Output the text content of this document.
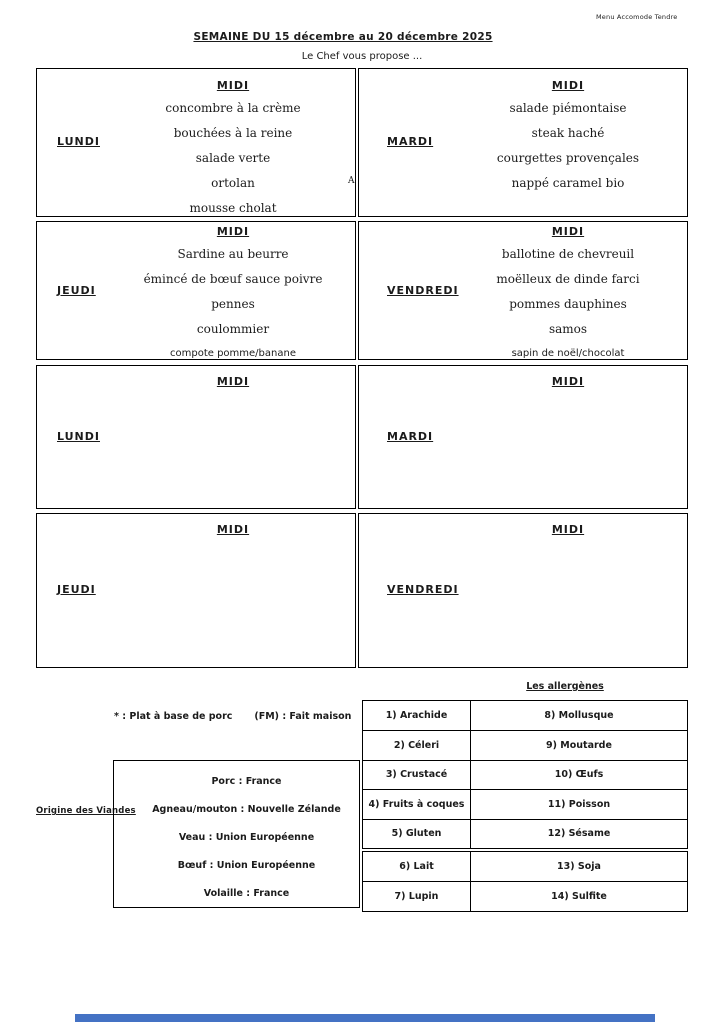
Menu Accomode Tendre
SEMAINE DU 15 décembre au 20 décembre 2025
Le Chef vous propose ...
LUNDI
MIDI
concombre à la crème
bouchées à la reine
salade verte
ortolan
mousse cholat
MARDI
MIDI
salade piémontaise
steak haché
courgettes provençales
nappé caramel bio
A
JEUDI
MIDI
Sardine au beurre
émincé de bœuf sauce poivre
pennes
coulommier
compote pomme/banane
VENDREDI
MIDI
ballotine de chevreuil
moëlleux de dinde farci
pommes dauphines
samos
sapin de noël/chocolat
LUNDI
MIDI
MARDI
MIDI
JEUDI
MIDI
VENDREDI
MIDI
Les allergènes
* : Plat à base de porc (FM) : Fait maison	1) Arachide	8) Mollusque
2) Céleri	9) Moutarde
3) Crustacé	10) Œufs
4) Fruits à coques	11) Poisson
5) Gluten	12) Sésame
6) Lait	13) Soja
7) Lupin	14) Sulfite
Origine des Viandes
Porc : France
Agneau/mouton : Nouvelle Zélande
Veau : Union Européenne
Bœuf : Union Européenne
Volaille : France
